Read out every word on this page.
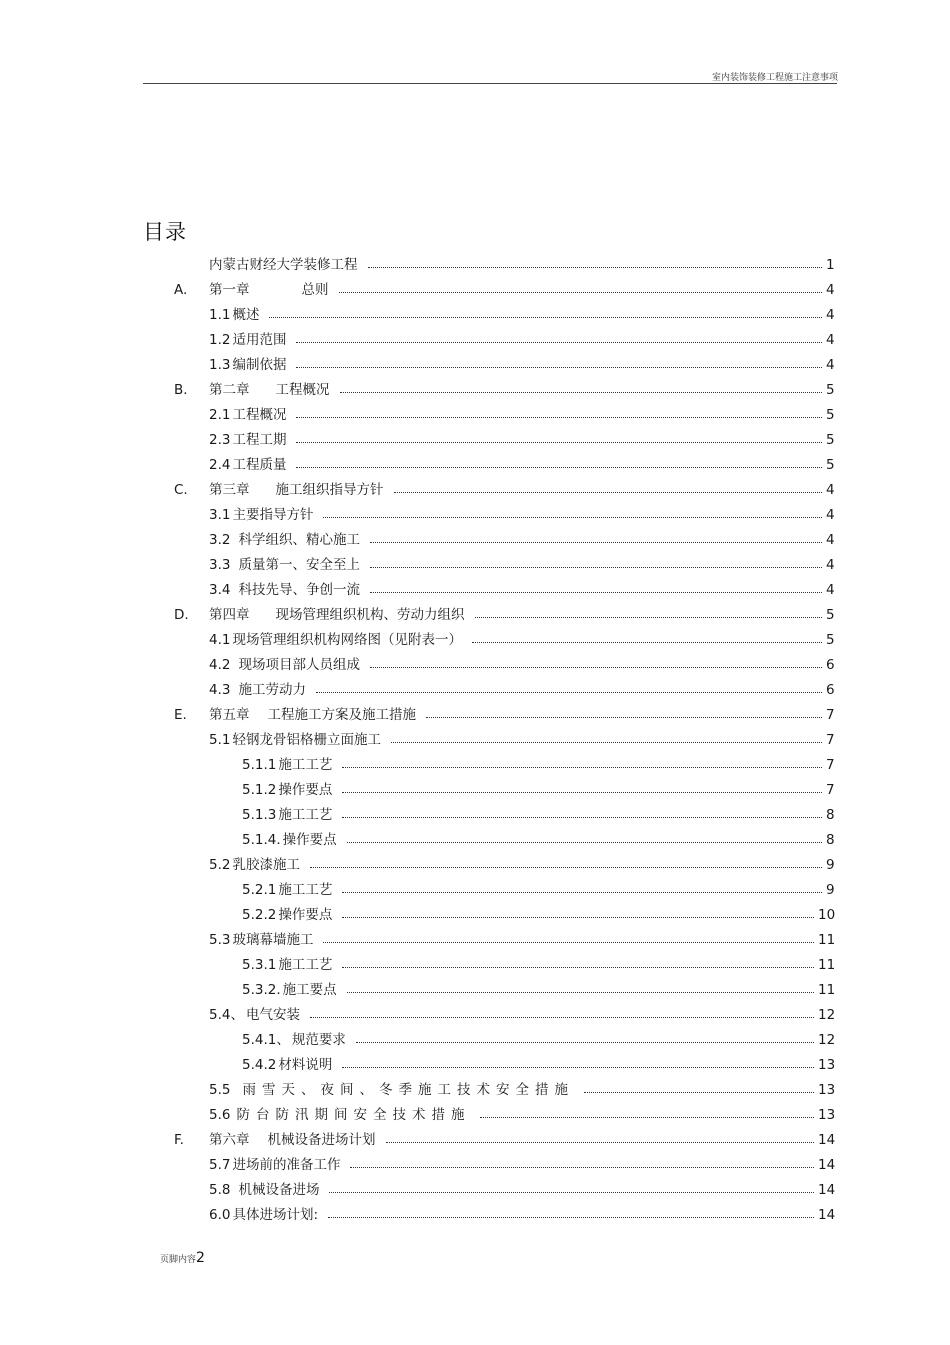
室内装饰装修工程施工注意事项
目录
内蒙古财经大学装修工程	1
A. 第一章	总则	4
1.1 概述	4
1.2 适用范围	4
1.3 编制依据	4
B. 第二章 工程概况	5
2.1 工程概况	5
2.3 工程工期	5
2.4 工程质量	5
C. 第三章 施工组织指导方针	4
3.1 主要指导方针	4
3.2 科学组织、精心施工	4
3.3 质量第一、安全至上	4
3.4 科技先导、争创一流	4
D. 第四章 现场管理组织机构、劳动力组织	5
4.1 现场管理组织机构网络图（见附表一）	5
4.2 现场项目部人员组成	6
4.3 施工劳动力	6
E. 第五章 工程施工方案及施工措施	7
5.1 轻钢龙骨铝格栅立面施工	7
5.1.1 施工工艺	7
5.1.2 操作要点	7
5.1.3 施工工艺	8
5.1.4. 操作要点	8
5.2 乳胶漆施工	9
5.2.1 施工工艺	9
5.2.2 操作要点	10
5.3 玻璃幕墙施工	11
5.3.1 施工工艺	11
5.3.2. 施工要点	11
5.4、 电气安装	12
5.4.1、 规范要求	12
5.4.2 材料说明	13
5.5 雨雪天、夜间、冬季施工技术安全措施	13
5.6 防台防汛期间安全技术措施	13
F. 第六章 机械设备进场计划	14
5.7 进场前的准备工作	14
5.8 机械设备进场	14
6.0 具体进场计划:	14
页脚内容2
